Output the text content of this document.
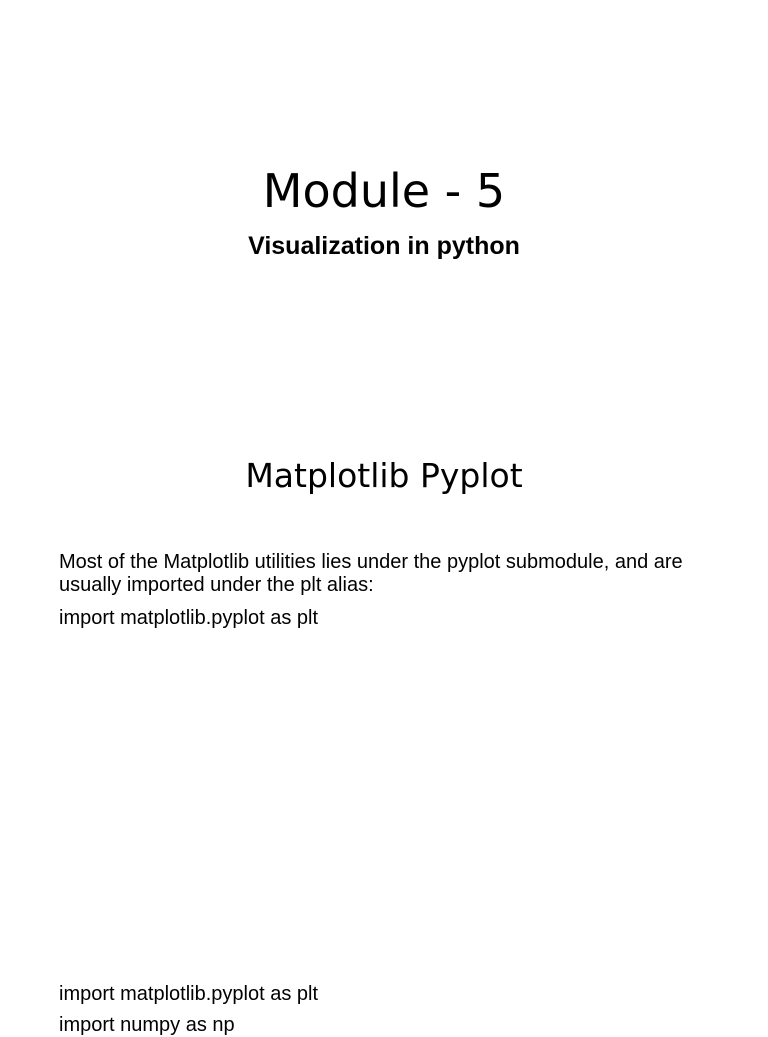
Module - 5
Visualization in python
Matplotlib Pyplot

Most of the Matplotlib utilities lies under the pyplot submodule, and are usually imported under the plt alias:

import matplotlib.pyplot as plt

import matplotlib.pyplot as plt

import numpy as np
